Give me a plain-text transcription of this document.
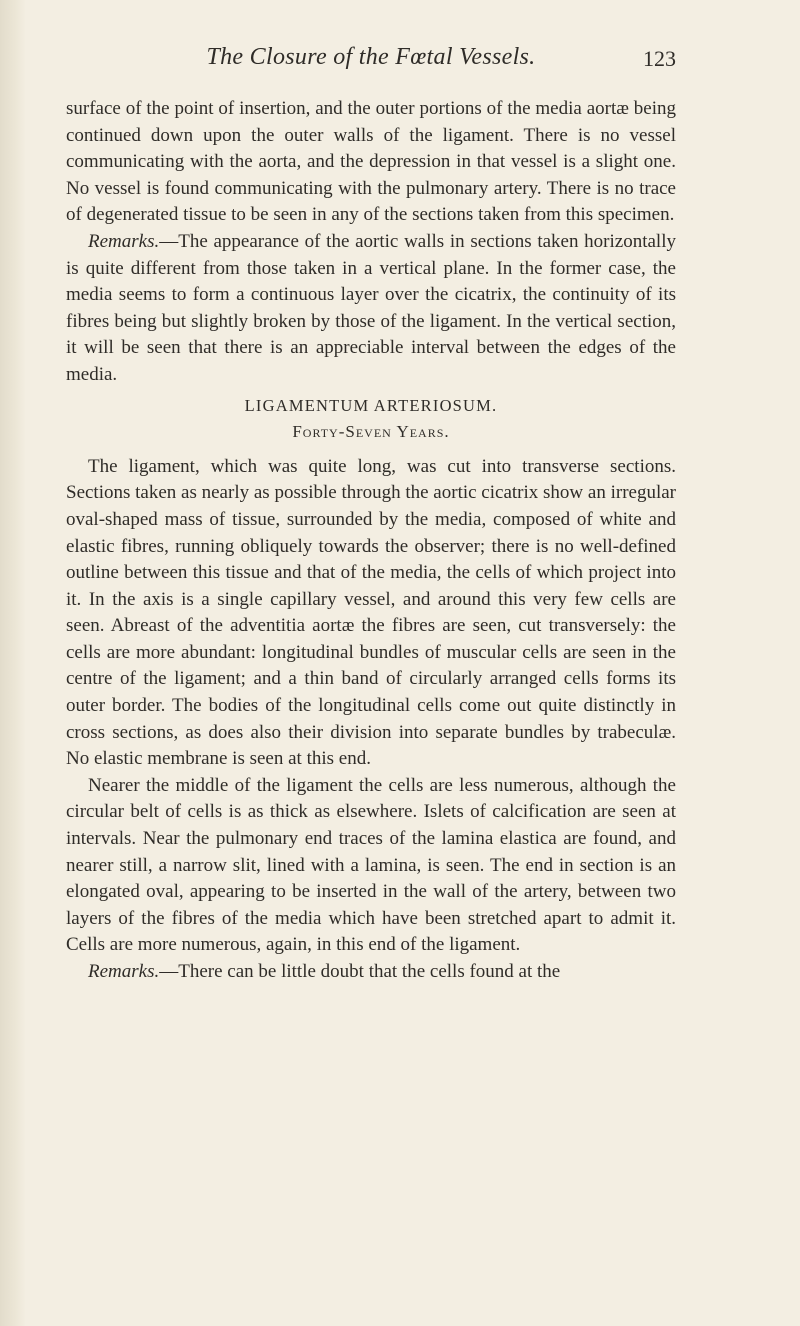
The Closure of the Fœtal Vessels.	123

surface of the point of insertion, and the outer portions of the media aortæ being continued down upon the outer walls of the ligament. There is no vessel communicating with the aorta, and the depression in that vessel is a slight one. No vessel is found communicating with the pulmonary artery. There is no trace of degenerated tissue to be seen in any of the sections taken from this specimen.

Remarks.—The appearance of the aortic walls in sections taken horizontally is quite different from those taken in a vertical plane. In the former case, the media seems to form a continuous layer over the cicatrix, the continuity of its fibres being but slightly broken by those of the ligament. In the vertical section, it will be seen that there is an appreciable interval between the edges of the media.

LIGAMENTUM ARTERIOSUM.

Forty-Seven Years.

The ligament, which was quite long, was cut into transverse sections. Sections taken as nearly as possible through the aortic cicatrix show an irregular oval-shaped mass of tissue, surrounded by the media, composed of white and elastic fibres, running obliquely towards the observer; there is no well-defined outline between this tissue and that of the media, the cells of which project into it. In the axis is a single capillary vessel, and around this very few cells are seen. Abreast of the adventitia aortæ the fibres are seen, cut transversely: the cells are more abundant: longitudinal bundles of muscular cells are seen in the centre of the ligament; and a thin band of circularly arranged cells forms its outer border. The bodies of the longitudinal cells come out quite distinctly in cross sections, as does also their division into separate bundles by trabeculæ. No elastic membrane is seen at this end.

Nearer the middle of the ligament the cells are less numerous, although the circular belt of cells is as thick as elsewhere. Islets of calcification are seen at intervals. Near the pulmonary end traces of the lamina elastica are found, and nearer still, a narrow slit, lined with a lamina, is seen. The end in section is an elongated oval, appearing to be inserted in the wall of the artery, between two layers of the fibres of the media which have been stretched apart to admit it. Cells are more numerous, again, in this end of the ligament.

Remarks.—There can be little doubt that the cells found at the
